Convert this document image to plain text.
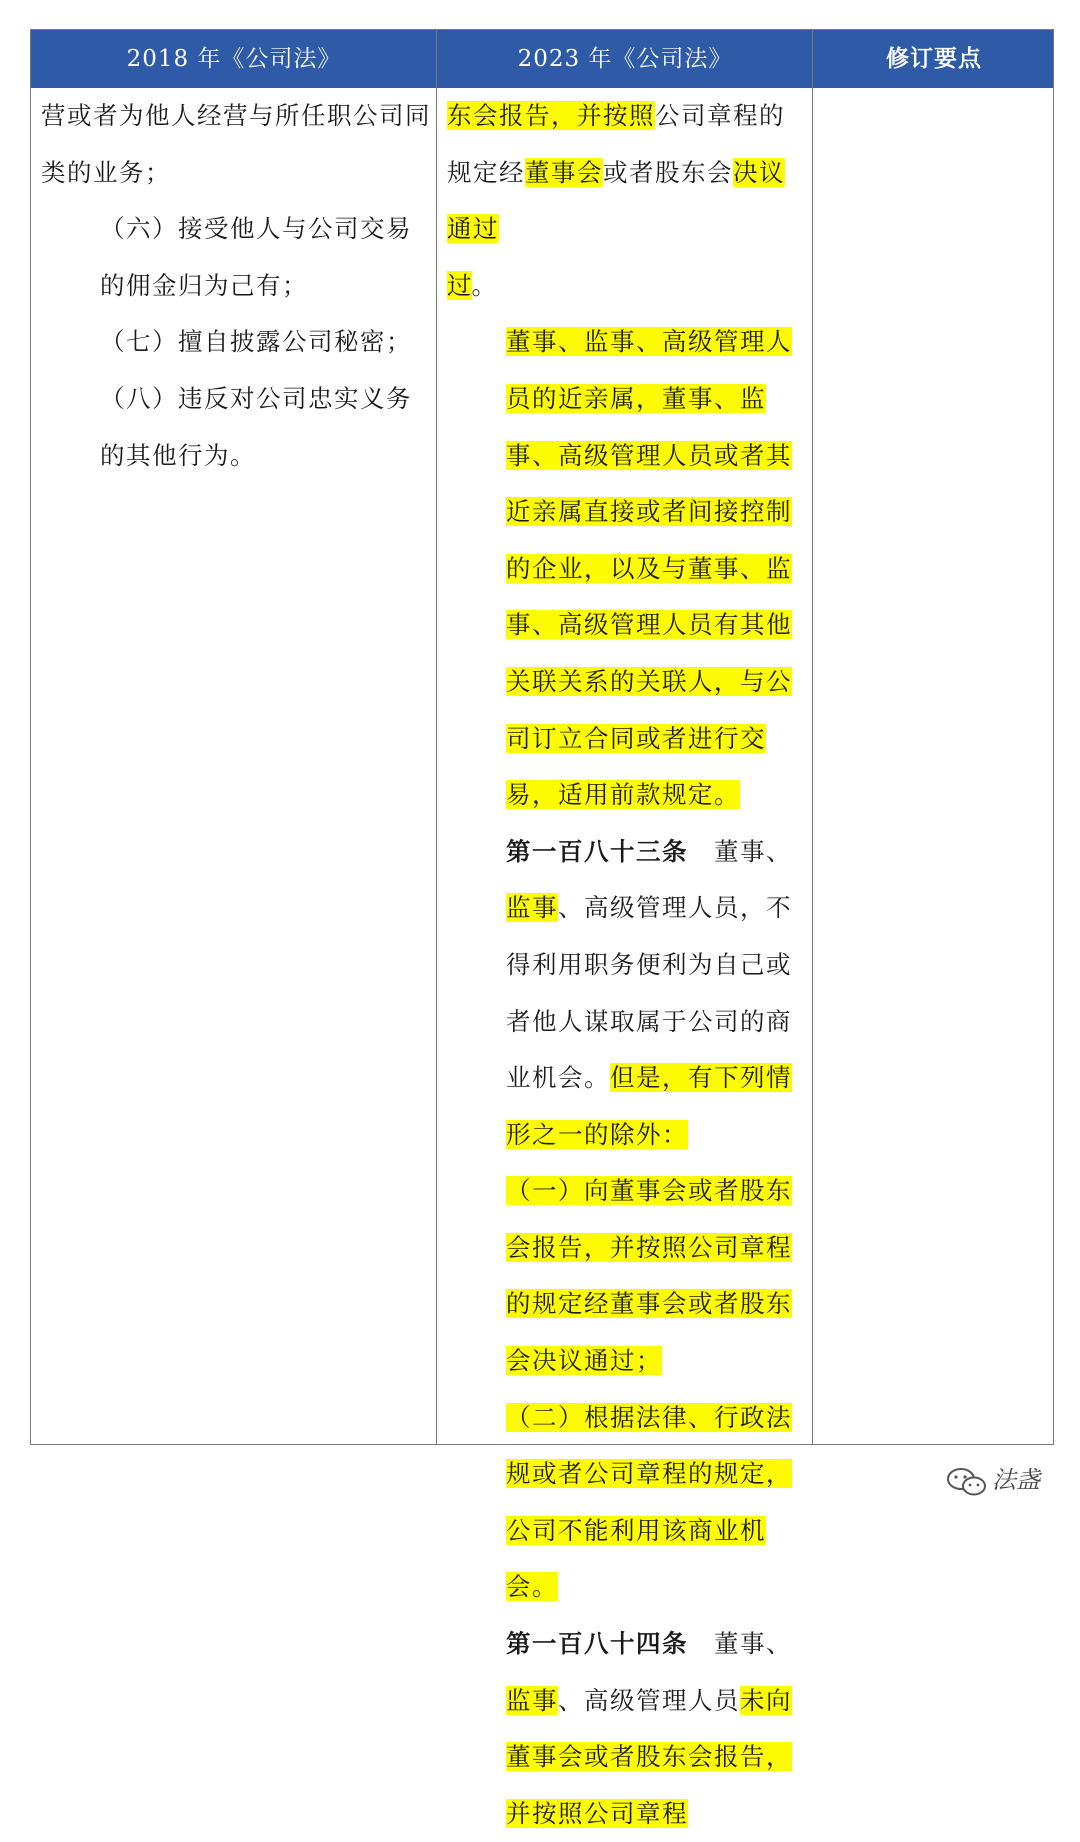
2018 年《公司法》	2023 年《公司法》	修订要点

营或者为他人经营与所任职公司同类的业务；

（六）接受他人与公司交易的佣金归为己有；

（七）擅自披露公司秘密；

（八）违反对公司忠实义务的其他行为。

东会报告，并按照公司章程的规定经董事会或者股东会决议通过
过。

董事、监事、高级管理人员的近亲属，董事、监事、高级管理人员或者其近亲属直接或者间接控制的企业，以及与董事、监事、高级管理人员有其他关联关系的关联人，与公司订立合同或者进行交易，适用前款规定。

第一百八十三条 董事、监事、高级管理人员，不得利用职务便利为自己或者他人谋取属于公司的商业机会。但是，有下列情形之一的除外：

（一）向董事会或者股东会报告，并按照公司章程的规定经董事会或者股东会决议通过；

（二）根据法律、行政法规或者公司章程的规定，公司不能利用该商业机会。

第一百八十四条 董事、监事、高级管理人员未向董事会或者股东会报告，并按照公司章程

法盏
